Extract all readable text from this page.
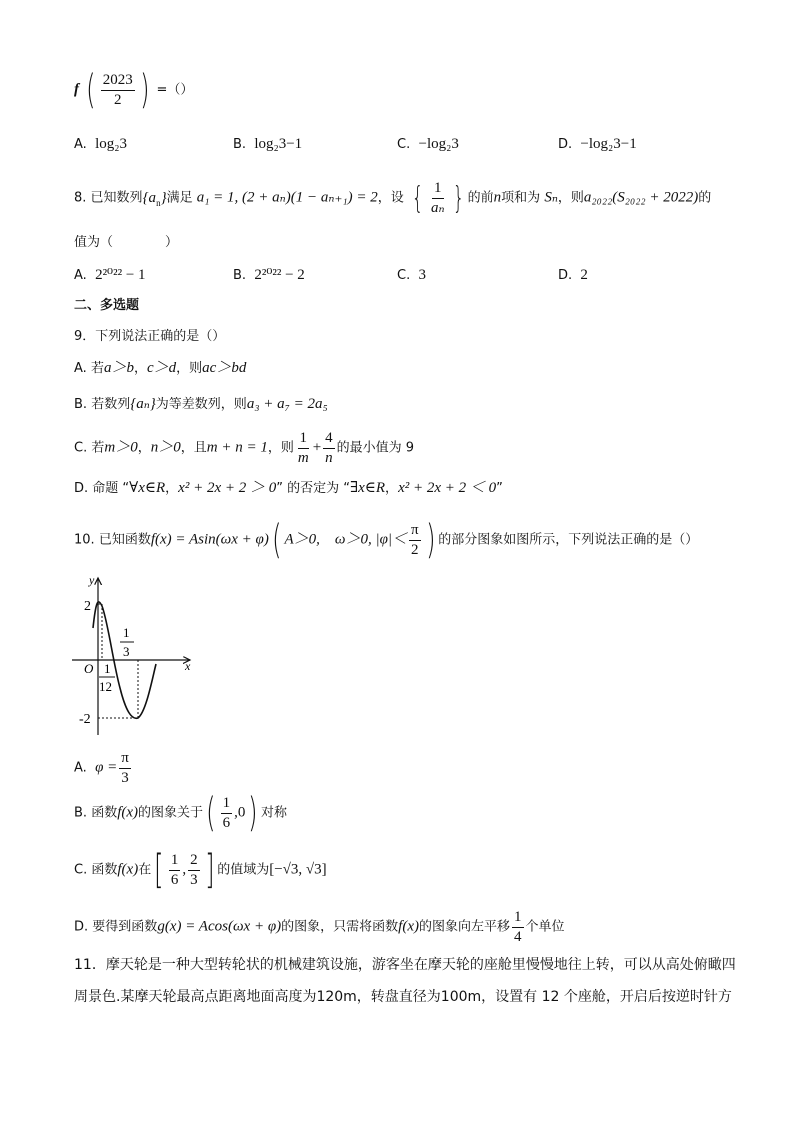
f ( $\frac{2023}{2}$ ) =（）
A. log₂3	B. log₂3−1	C. −log₂3	D. −log₂3−1
8. 已知数列$\{a_n\}$满足 a₁ = 1, (2 + aₙ)(1 − aₙ₊₁) = 2，设 { $\frac{1}{\text{aₙ}}$ } 的前n项和为 Sₙ，则a₂₀₂₂(S₂₀₂₂ + 2022)的
值为（　　　　）
A. 2²⁰²² − 1	B. 2²⁰²² − 2	C. 3	D. 2
二、多选题
9．下列说法正确的是（）
A. 若a＞b，c＞d，则ac＞bd
B. 若数列{aₙ}为等差数列，则a₃ + a₇ = 2a₅
C. 若m＞0，n＞0，且m + n = 1，则 $\frac{1}{m} + \frac{4}{n}$ 的最小值为 9
D. 命题 “∀x∈R，x² + 2x + 2 ＞ 0” 的否定为 “∃x∈R，x² + 2x + 2 ＜ 0”
10. 已知函数f(x) = Asin(ωx + φ)( A＞0,　ω＞0, $|\varphi|< \frac{\pi}{2}$ ) 的部分图象如图所示，下列说法正确的是（）
x
y
O
2
-2
1
12
1
3
A. $\varphi = \frac{\pi}{3}$
B. 函数f(x)的图象关于( $\frac{1}{6} ,0$) 对称
C. 函数f(x)在[ $\frac{1}{6}$ , $\frac{2}{3}$ ] 的值域为[−√3, √3]
D. 要得到函数g(x) = Acos(ωx + φ)的图象，只需将函数f(x)的图象向左平移 $\frac{1}{4}$ 个单位
11．摩天轮是一种大型转轮状的机械建筑设施，游客坐在摩天轮的座舱里慢慢地往上转，可以从高处俯瞰四
周景色.某摩天轮最高点距离地面高度为120m，转盘直径为100m，设置有 12 个座舱，开启后按逆时针方
